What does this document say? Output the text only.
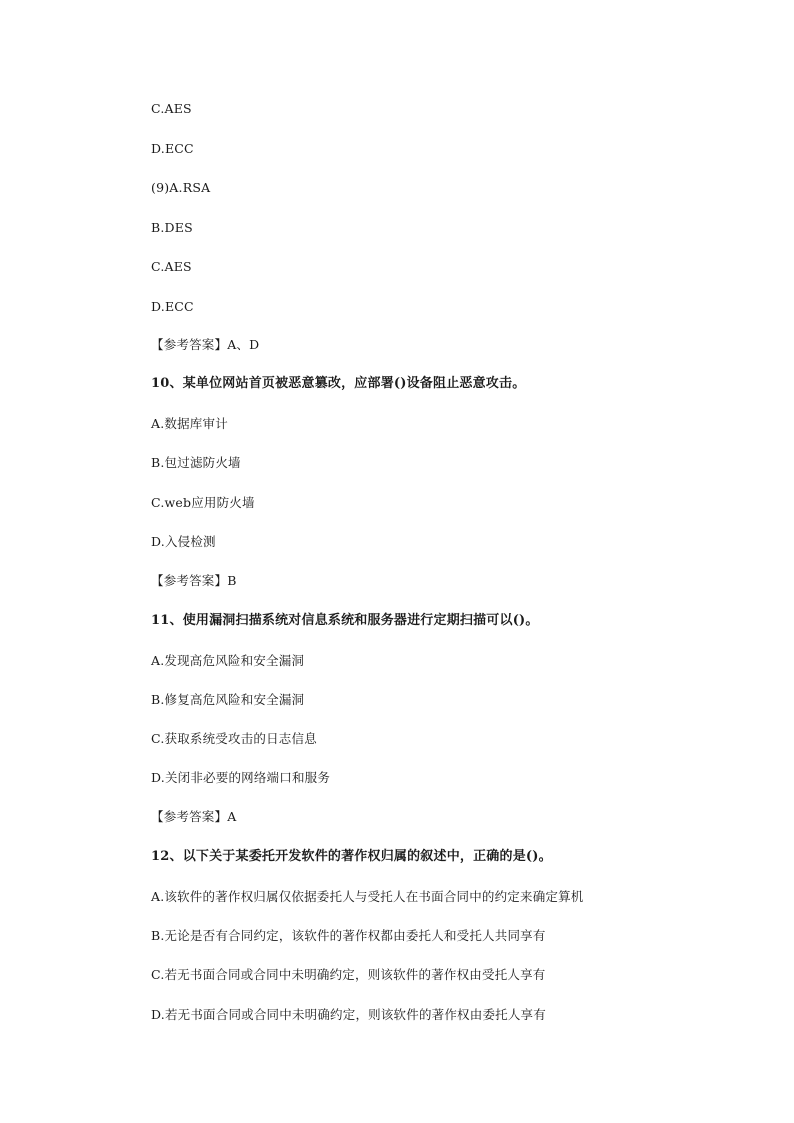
C.AES
D.ECC
(9)A.RSA
B.DES
C.AES
D.ECC
【参考答案】A、D
10、某单位网站首页被恶意篡改，应部署()设备阻止恶意攻击。
A.数据库审计
B.包过滤防火墙
C.web应用防火墙
D.入侵检测
【参考答案】B
11、使用漏洞扫描系统对信息系统和服务器进行定期扫描可以()。
A.发现高危风险和安全漏洞
B.修复高危风险和安全漏洞
C.获取系统受攻击的日志信息
D.关闭非必要的网络端口和服务
【参考答案】A
12、以下关于某委托开发软件的著作权归属的叙述中，正确的是()。
A.该软件的著作权归属仅依据委托人与受托人在书面合同中的约定来确定算机
B.无论是否有合同约定，该软件的著作权都由委托人和受托人共同享有
C.若无书面合同或合同中未明确约定，则该软件的著作权由受托人享有
D.若无书面合同或合同中未明确约定，则该软件的著作权由委托人享有
